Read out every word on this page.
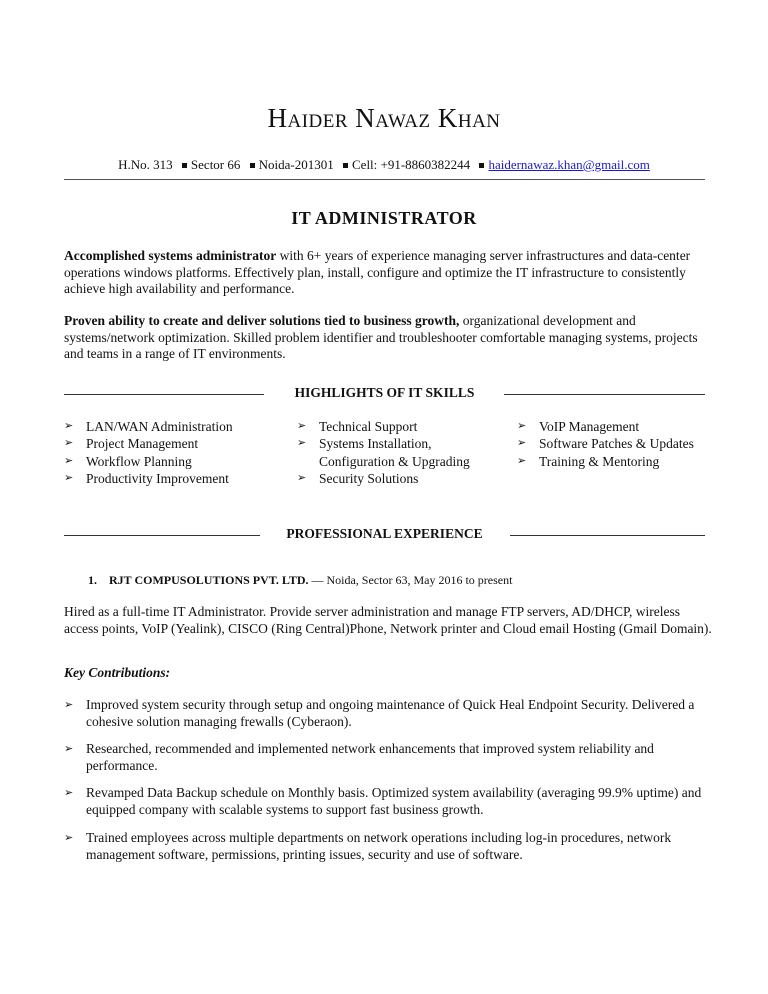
Haider Nawaz Khan
H.No. 313 Sector 66 Noida-201301 Cell: +91-8860382244 haidernawaz.khan@gmail.com
IT ADMINISTRATOR
Accomplished systems administrator with 6+ years of experience managing server infrastructures and data-center operations windows platforms. Effectively plan, install, configure and optimize the IT infrastructure to consistently achieve high availability and performance.
Proven ability to create and deliver solutions tied to business growth, organizational development and systems/network optimization. Skilled problem identifier and troubleshooter comfortable managing systems, projects and teams in a range of IT environments.
HIGHLIGHTS OF IT SKILLS
➢ LAN/WAN Administration
➢ Project Management
➢ Workflow Planning
➢ Productivity Improvement
➢ Technical Support
➢ Systems Installation, Configuration & Upgrading
➢ Security Solutions
➢ VoIP Management
➢ Software Patches & Updates
➢ Training & Mentoring
PROFESSIONAL EXPERIENCE
1. RJT COMPUSOLUTIONS PVT. LTD. — Noida, Sector 63, May 2016 to present
Hired as a full-time IT Administrator. Provide server administration and manage FTP servers, AD/DHCP, wireless access points, VoIP (Yealink), CISCO (Ring Central)Phone, Network printer and Cloud email Hosting (Gmail Domain).
Key Contributions:
➢ Improved system security through setup and ongoing maintenance of Quick Heal Endpoint Security. Delivered a cohesive solution managing frewalls (Cyberaon).
➢ Researched, recommended and implemented network enhancements that improved system reliability and performance.
➢ Revamped Data Backup schedule on Monthly basis. Optimized system availability (averaging 99.9% uptime) and equipped company with scalable systems to support fast business growth.
➢ Trained employees across multiple departments on network operations including log-in procedures, network management software, permissions, printing issues, security and use of software.
